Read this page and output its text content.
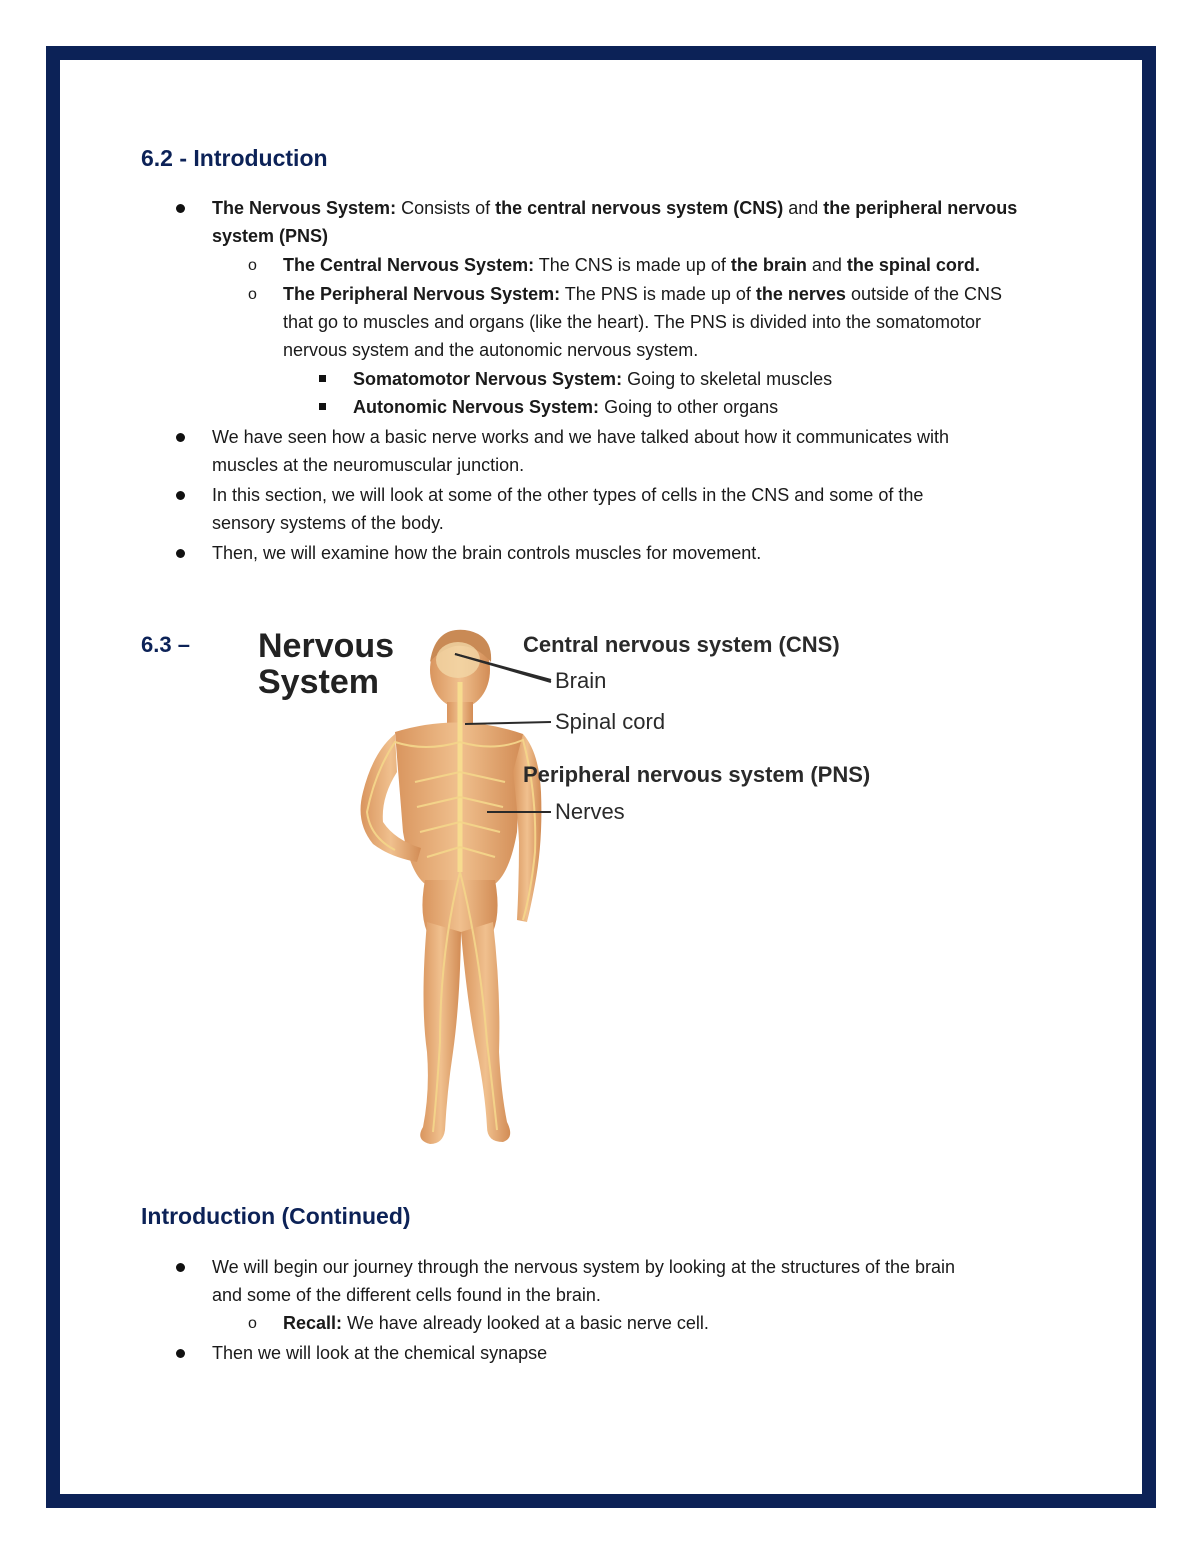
6.2 - Introduction
The Nervous System: Consists of the central nervous system (CNS) and the peripheral nervous
system (PNS)
o The Central Nervous System: The CNS is made up of the brain and the spinal cord.
o The Peripheral Nervous System: The PNS is made up of the nerves outside of the CNS
that go to muscles and organs (like the heart). The PNS is divided into the somatomotor
nervous system and the autonomic nervous system.
Somatomotor Nervous System: Going to skeletal muscles
Autonomic Nervous System: Going to other organs
We have seen how a basic nerve works and we have talked about how it communicates with
muscles at the neuromuscular junction.
In this section, we will look at some of the other types of cells in the CNS and some of the
sensory systems of the body.
Then, we will examine how the brain controls muscles for movement.
6.3 – Nervous
System
Central nervous system (CNS)
Brain
Spinal cord
Peripheral nervous system (PNS)
Nerves
Introduction (Continued)
We will begin our journey through the nervous system by looking at the structures of the brain
and some of the different cells found in the brain.
o Recall: We have already looked at a basic nerve cell.
Then we will look at the chemical synapse
